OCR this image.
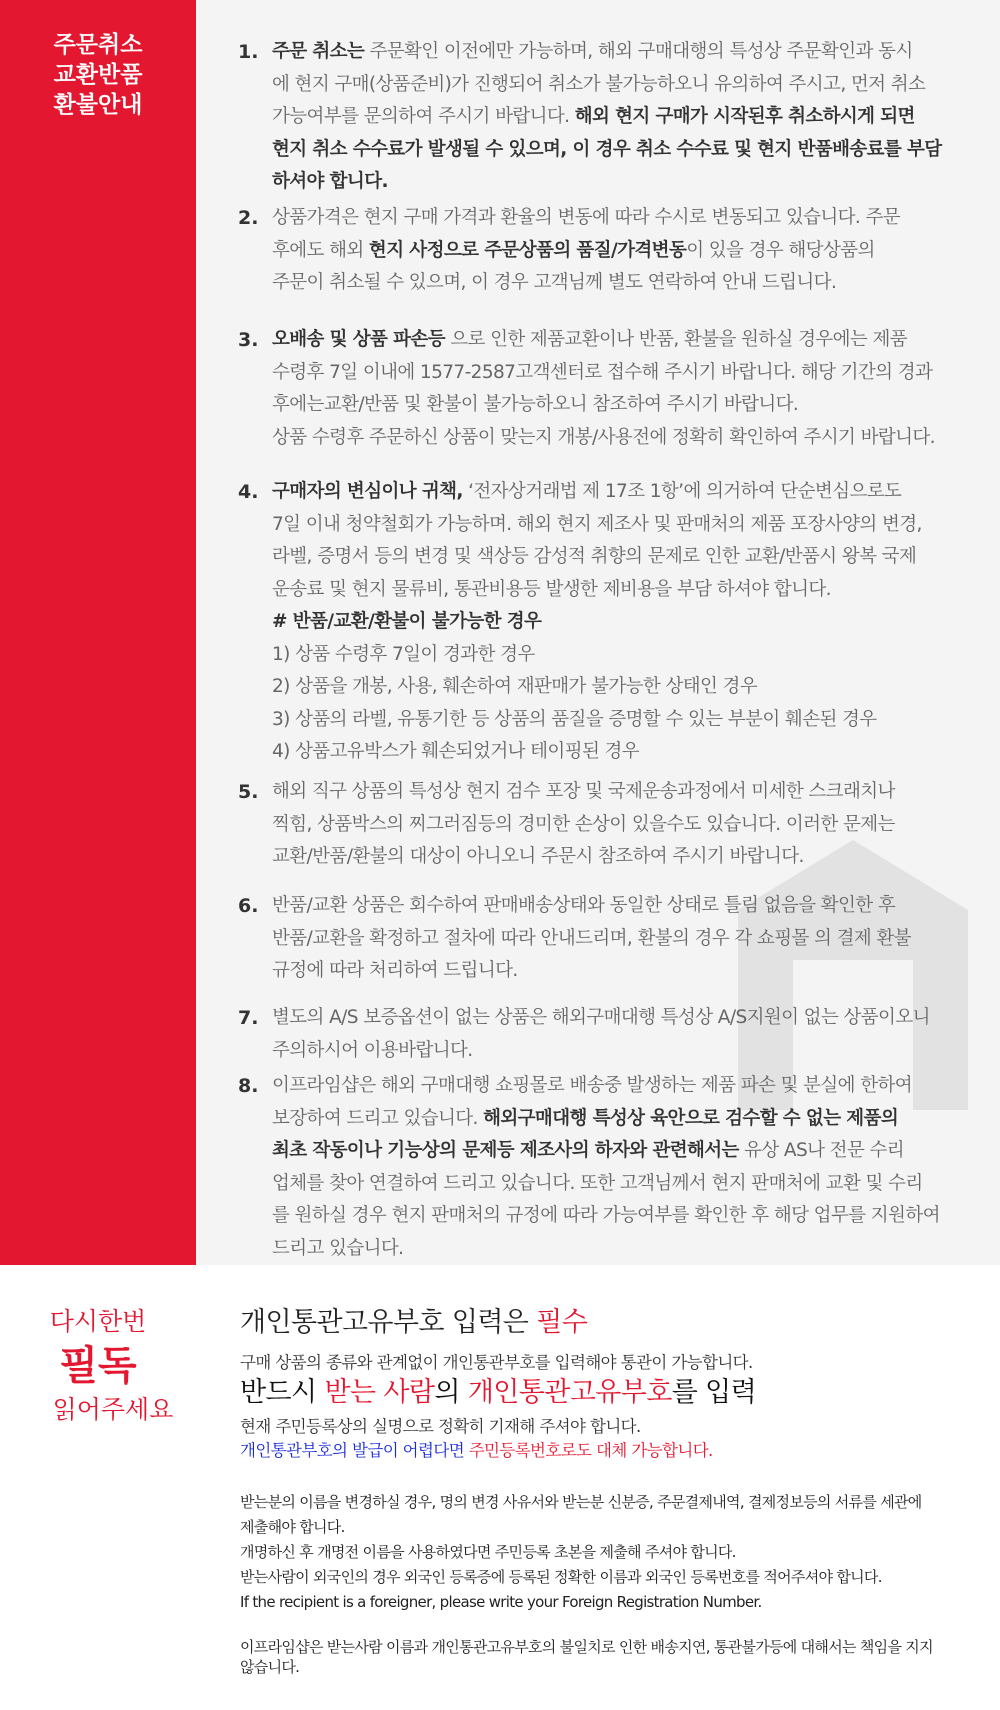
주문취소
교환반품
환불안내
1. 주문 취소는 주문확인 이전에만 가능하며, 해외 구매대행의 특성상 주문확인과 동시

에 현지 구매(상품준비)가 진행되어 취소가 불가능하오니 유의하여 주시고, 먼저 취소

가능여부를 문의하여 주시기 바랍니다. 해외 현지 구매가 시작된후 취소하시게 되면

현지 취소 수수료가 발생될 수 있으며, 이 경우 취소 수수료 및 현지 반품배송료를 부담

하셔야 합니다.

2. 상품가격은 현지 구매 가격과 환율의 변동에 따라 수시로 변동되고 있습니다. 주문

후에도 해외 현지 사정으로 주문상품의 품질/가격변동이 있을 경우 해당상품의

주문이 취소될 수 있으며, 이 경우 고객님께 별도 연락하여 안내 드립니다.

3. 오배송 및 상품 파손등 으로 인한 제품교환이나 반품, 환불을 원하실 경우에는 제품

수령후 7일 이내에 1577-2587고객센터로 접수해 주시기 바랍니다. 해당 기간의 경과

후에는교환/반품 및 환불이 불가능하오니 참조하여 주시기 바랍니다.

상품 수령후 주문하신 상품이 맞는지 개봉/사용전에 정확히 확인하여 주시기 바랍니다.

4. 구매자의 변심이나 귀책, ‘전자상거래법 제 17조 1항’에 의거하여 단순변심으로도

7일 이내 청약철회가 가능하며. 해외 현지 제조사 및 판매처의 제품 포장사양의 변경,

라벨, 증명서 등의 변경 및 색상등 감성적 취향의 문제로 인한 교환/반품시 왕복 국제

운송료 및 현지 물류비, 통관비용등 발생한 제비용을 부담 하셔야 합니다.

# 반품/교환/환불이 불가능한 경우

1) 상품 수령후 7일이 경과한 경우

2) 상품을 개봉, 사용, 훼손하여 재판매가 불가능한 상태인 경우

3) 상품의 라벨, 유통기한 등 상품의 품질을 증명할 수 있는 부분이 훼손된 경우

4) 상품고유박스가 훼손되었거나 테이핑된 경우

5. 해외 직구 상품의 특성상 현지 검수 포장 및 국제운송과정에서 미세한 스크래치나

찍힘, 상품박스의 찌그러짐등의 경미한 손상이 있을수도 있습니다. 이러한 문제는

교환/반품/환불의 대상이 아니오니 주문시 참조하여 주시기 바랍니다.

6. 반품/교환 상품은 회수하여 판매배송상태와 동일한 상태로 틀림 없음을 확인한 후

반품/교환을 확정하고 절차에 따라 안내드리며, 환불의 경우 각 쇼핑몰 의 결제 환불

규정에 따라 처리하여 드립니다.

7. 별도의 A/S 보증옵션이 없는 상품은 해외구매대행 특성상 A/S지원이 없는 상품이오니

주의하시어 이용바랍니다.

8. 이프라임샵은 해외 구매대행 쇼핑몰로 배송중 발생하는 제품 파손 및 분실에 한하여

보장하여 드리고 있습니다. 해외구매대행 특성상 육안으로 검수할 수 없는 제품의

최초 작동이나 기능상의 문제등 제조사의 하자와 관련해서는 유상 AS나 전문 수리

업체를 찾아 연결하여 드리고 있습니다. 또한 고객님께서 현지 판매처에 교환 및 수리

를 원하실 경우 현지 판매처의 규정에 따라 가능여부를 확인한 후 해당 업무를 지원하여

드리고 있습니다.

다시한번
필독
읽어주세요
개인통관고유부호 입력은 필수
구매 상품의 종류와 관계없이 개인통관부호를 입력해야 통관이 가능합니다.
반드시 받는 사람의 개인통관고유부호를 입력
현재 주민등록상의 실명으로 정확히 기재해 주셔야 합니다.
개인통관부호의 발급이 어렵다면 주민등록번호로도 대체 가능합니다.

받는분의 이름을 변경하실 경우, 명의 변경 사유서와 받는분 신분증, 주문결제내역, 결제정보등의 서류를 세관에

제출해야 합니다.

개명하신 후 개명전 이름을 사용하였다면 주민등록 초본을 제출해 주셔야 합니다.

받는사람이 외국인의 경우 외국인 등록증에 등록된 정확한 이름과 외국인 등록번호를 적어주셔야 합니다.

If the recipient is a foreigner, please write your Foreign Registration Number.

이프라임샵은 받는사람 이름과 개인통관고유부호의 불일치로 인한 배송지연, 통관불가등에 대해서는 책임을 지지

않습니다.
